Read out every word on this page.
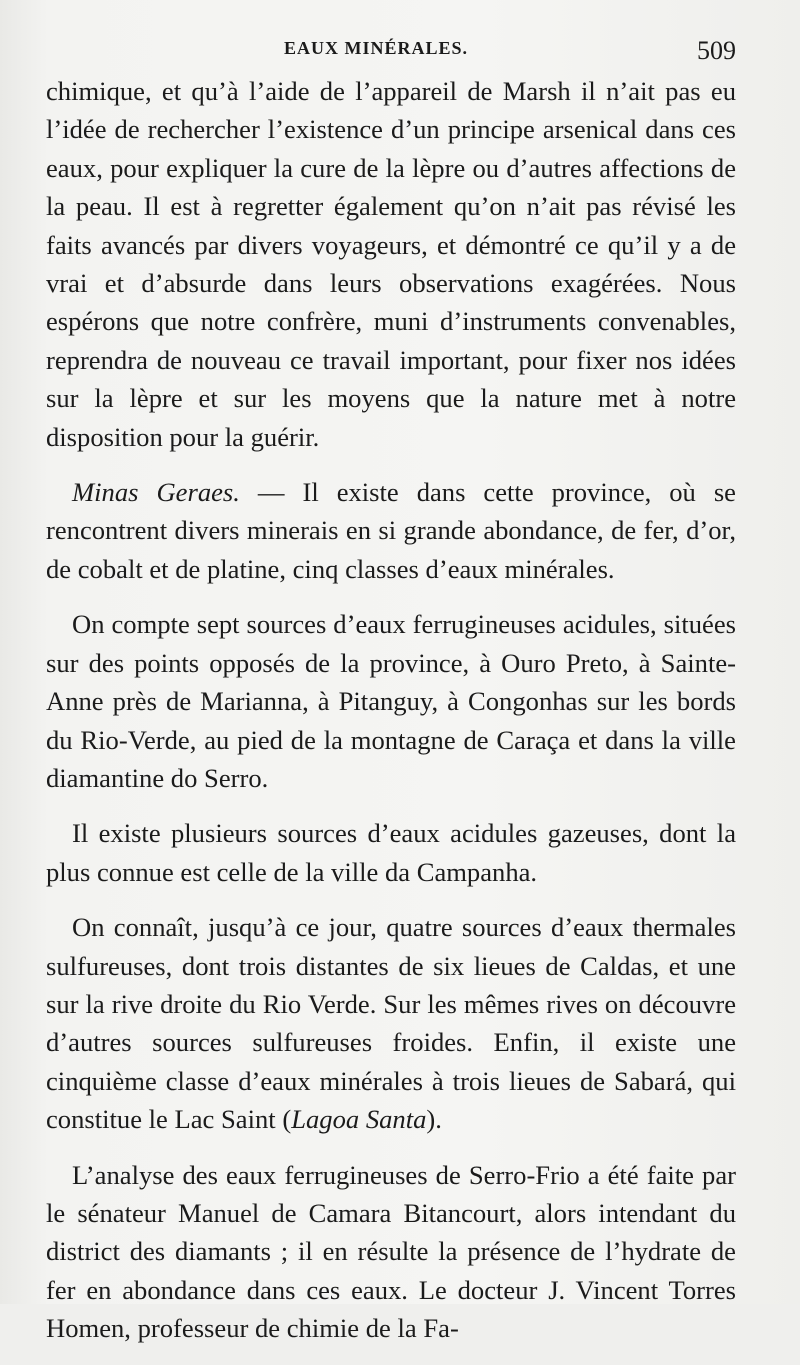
EAUX MINÉRALES.	509

chimique, et qu’à l’aide de l’appareil de Marsh il n’ait pas eu l’idée de rechercher l’existence d’un principe arsenical dans ces eaux, pour expliquer la cure de la lèpre ou d’autres affections de la peau. Il est à regretter également qu’on n’ait pas révisé les faits avancés par divers voyageurs, et démontré ce qu’il y a de vrai et d’absurde dans leurs observations exagérées. Nous espérons que notre confrère, muni d’instruments convenables, reprendra de nouveau ce travail important, pour fixer nos idées sur la lèpre et sur les moyens que la nature met à notre disposition pour la guérir.

Minas Geraes. — Il existe dans cette province, où se rencontrent divers minerais en si grande abondance, de fer, d’or, de cobalt et de platine, cinq classes d’eaux minérales.

On compte sept sources d’eaux ferrugineuses acidules, situées sur des points opposés de la province, à Ouro Preto, à Sainte-Anne près de Marianna, à Pitanguy, à Congonhas sur les bords du Rio-Verde, au pied de la montagne de Caraça et dans la ville diamantine do Serro.

Il existe plusieurs sources d’eaux acidules gazeuses, dont la plus connue est celle de la ville da Campanha.

On connaît, jusqu’à ce jour, quatre sources d’eaux thermales sulfureuses, dont trois distantes de six lieues de Caldas, et une sur la rive droite du Rio Verde. Sur les mêmes rives on découvre d’autres sources sulfureuses froides. Enfin, il existe une cinquième classe d’eaux minérales à trois lieues de Sabará, qui constitue le Lac Saint (Lagoa Santa).

L’analyse des eaux ferrugineuses de Serro-Frio a été faite par le sénateur Manuel de Camara Bitancourt, alors intendant du district des diamants ; il en résulte la présence de l’hydrate de fer en abondance dans ces eaux. Le docteur J. Vincent Torres Homen, professeur de chimie de la Fa-
